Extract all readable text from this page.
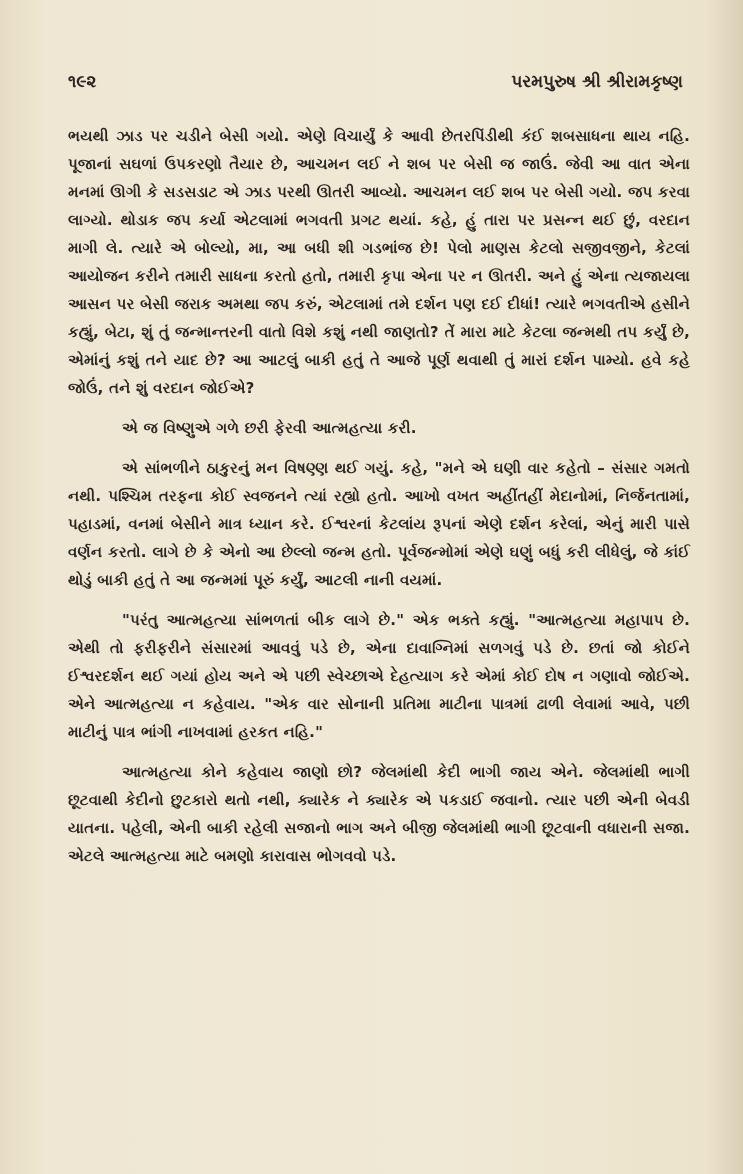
૧૯૨	પરમપુરુષ શ્રી શ્રીરામકૃષ્ણ

ભયથી ઝાડ પર ચડીને બેસી ગયો. એણે વિચાર્યું કે આવી છેતરપિંડીથી કંઈ શબસાધના થાય નહિ. પૂજાનાં સઘળાં ઉપકરણો તૈયાર છે, આચમન લઈ ને શબ પર બેસી જ જાઉં. જેવી આ વાત એના મનમાં ઊગી કે સડસડાટ એ ઝાડ પરથી ઊતરી આવ્યો. આચમન લઈ શબ પર બેસી ગયો. જપ કરવા લાગ્યો. થોડાક જપ કર્યા એટલામાં ભગવતી પ્રગટ થયાં. કહે, હું તારા પર પ્રસન્ન થઈ છું, વરદાન માગી લે. ત્યારે એ બોલ્યો, મા, આ બધી શી ગડભાંજ છે! પેલો માણસ કેટલો સજીવજીને, કેટલાં આયોજન કરીને તમારી સાધના કરતો હતો, તમારી કૃપા એના પર ન ઊતરી. અને હું એના ત્યજાયલા આસન પર બેસી જરાક અમથા જપ કરું, એટલામાં તમે દર્શન પણ દઈ દીધાં! ત્યારે ભગવતીએ હસીને કહ્યું, બેટા, શું તું જન્માન્તરની વાતો વિશે કશું નથી જાણતો? તેં મારા માટે કેટલા જન્મથી તપ કર્યું છે, એમાંનું કશું તને યાદ છે? આ આટલું બાકી હતું તે આજે પૂર્ણ થવાથી તું મારાં દર્શન પામ્યો. હવે કહે જોઉં, તને શું વરદાન જોઈએ?

એ જ વિષ્ણુએ ગળે છરી ફેરવી આત્મહત્યા કરી.

એ સાંભળીને ઠાકુરનું મન વિષણ્ણ થઈ ગયું. કહે, "મને એ ઘણી વાર કહેતો – સંસાર ગમતો નથી. પશ્ચિમ તરફના કોઈ સ્વજનને ત્યાં રહ્યો હતો. આખો વખત અહીંતહીં મેદાનોમાં, નિર્જનતામાં, પહાડમાં, વનમાં બેસીને માત્ર ધ્યાન કરે. ઈશ્વરનાં કેટલાંય રૂપનાં એણે દર્શન કરેલાં, એનું મારી પાસે વર્ણન કરતો. લાગે છે કે એનો આ છેલ્લો જન્મ હતો. પૂર્વજન્મોમાં એણે ઘણું બધું કરી લીધેલું, જે કાંઈ થોડું બાકી હતું તે આ જન્મમાં પૂરું કર્યું, આટલી નાની વયમાં.

"પરંતુ આત્મહત્યા સાંભળતાં બીક લાગે છે." એક ભક્તે કહ્યું. "આત્મહત્યા મહાપાપ છે. એથી તો ફરીફરીને સંસારમાં આવવું પડે છે, એના દાવાગ્નિમાં સળગવું પડે છે. છતાં જો કોઈને ઈશ્વરદર્શન થઈ ગયાં હોય અને એ પછી સ્વેચ્છાએ દેહત્યાગ કરે એમાં કોઈ દોષ ન ગણાવો જોઈએ. એને આત્મહત્યા ન કહેવાય. "એક વાર સોનાની પ્રતિમા માટીના પાત્રમાં ઢાળી લેવામાં આવે, પછી માટીનું પાત્ર ભાંગી નાખવામાં હરકત નહિ."

આત્મહત્યા કોને કહેવાય જાણો છો? જેલમાંથી કેદી ભાગી જાય એને. જેલમાંથી ભાગી છૂટવાથી કેદીનો છુટકારો થતો નથી, ક્યારેક ને ક્યારેક એ પકડાઈ જવાનો. ત્યાર પછી એની બેવડી યાતના. પહેલી, એની બાકી રહેલી સજાનો ભાગ અને બીજી જેલમાંથી ભાગી છૂટવાની વધારાની સજા. એટલે આત્મહત્યા માટે બમણો કારાવાસ ભોગવવો પડે.
